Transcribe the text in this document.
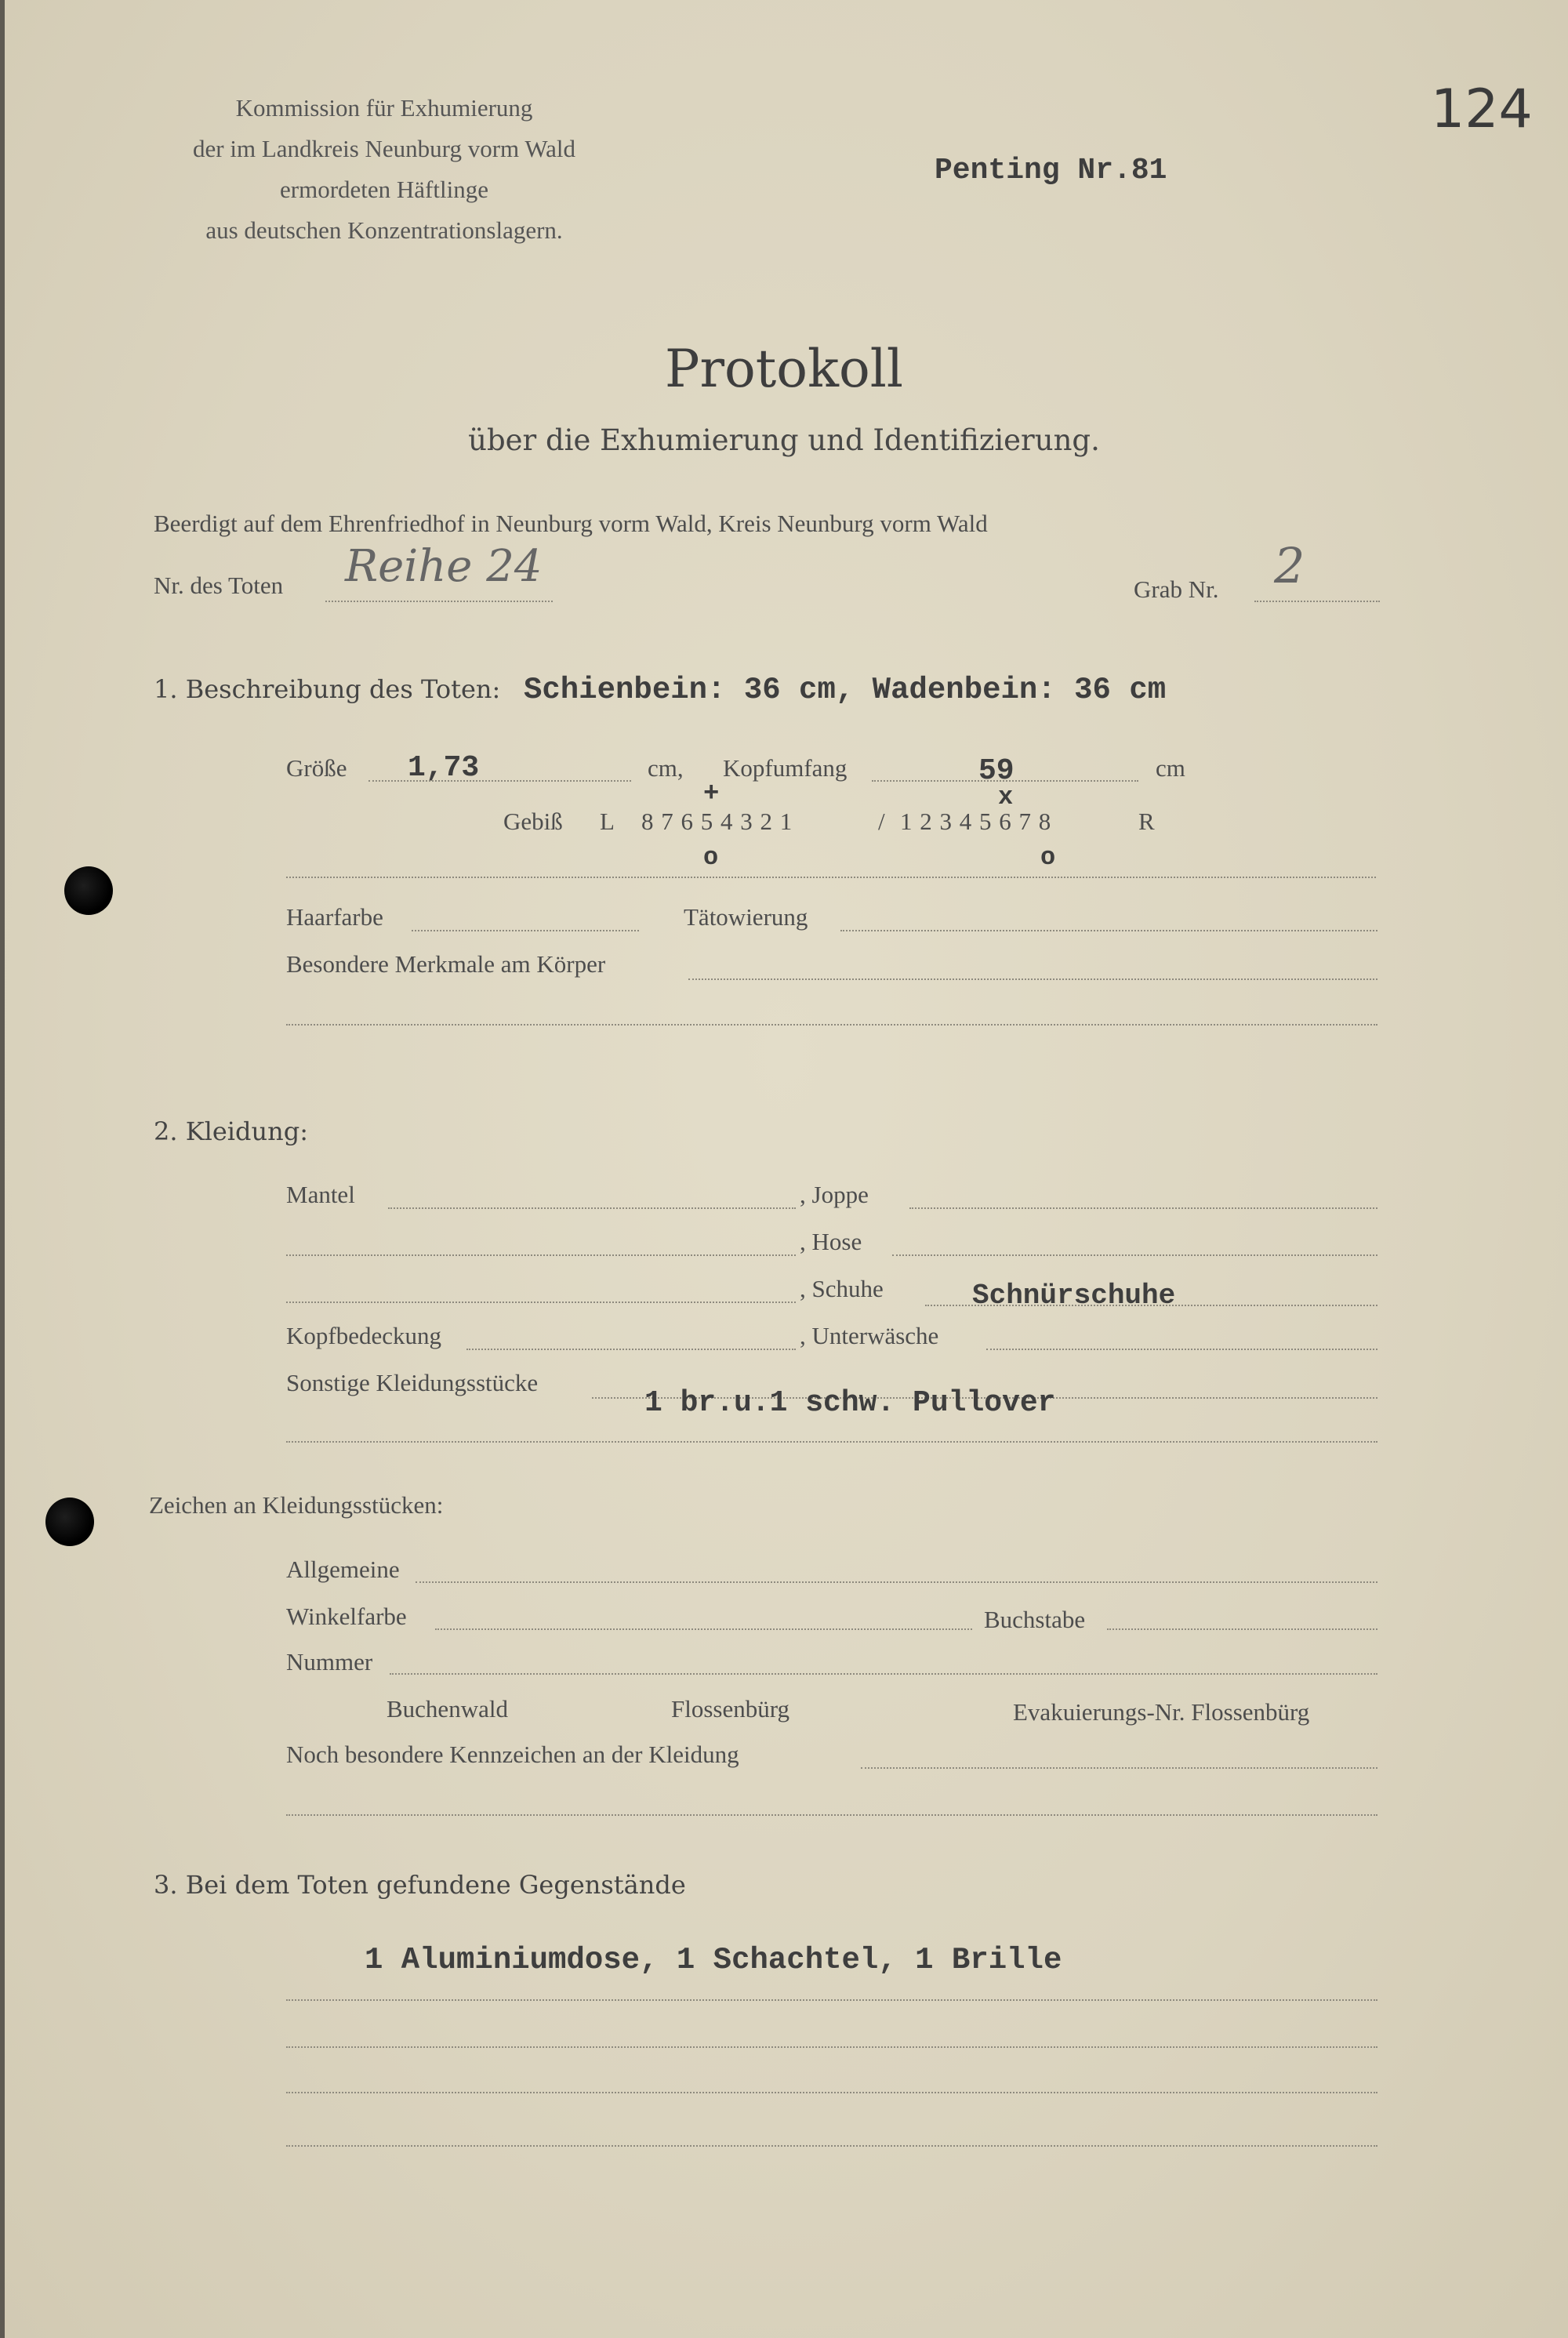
124
Kommission für Exhumierung
der im Landkreis Neunburg vorm Wald
ermordeten Häftlinge
aus deutschen Konzentrationslagern.
Penting Nr.81
Protokoll
über die Exhumierung und Identifizierung.
Beerdigt auf dem Ehrenfriedhof in Neunburg vorm Wald, Kreis Neunburg vorm Wald
Nr. des Toten Reihe 24	Grab Nr. 2
1. Beschreibung des Toten: Schienbein: 36 cm, Wadenbein: 36 cm
Größe 1,73	cm, Kopfumfang	59	cm
+	x
Gebiß L 8 7 6 5 4 3 2 1	/ 1 2 3 4 5 6 7 8	R
o	o
Haarfarbe	Tätowierung
Besondere Merkmale am Körper
2. Kleidung:
Mantel	, Joppe
, Hose
, Schuhe	Schnürschuhe
Kopfbedeckung	, Unterwäsche
Sonstige Kleidungsstücke
1 br.u.1 schw. Pullover
Zeichen an Kleidungsstücken:
Allgemeine
Winkelfarbe	Buchstabe
Nummer
Buchenwald	Flossenbürg	Evakuierungs-Nr. Flossenbürg
Noch besondere Kennzeichen an der Kleidung
3. Bei dem Toten gefundene Gegenstände
1 Aluminiumdose, 1 Schachtel, 1 Brille
